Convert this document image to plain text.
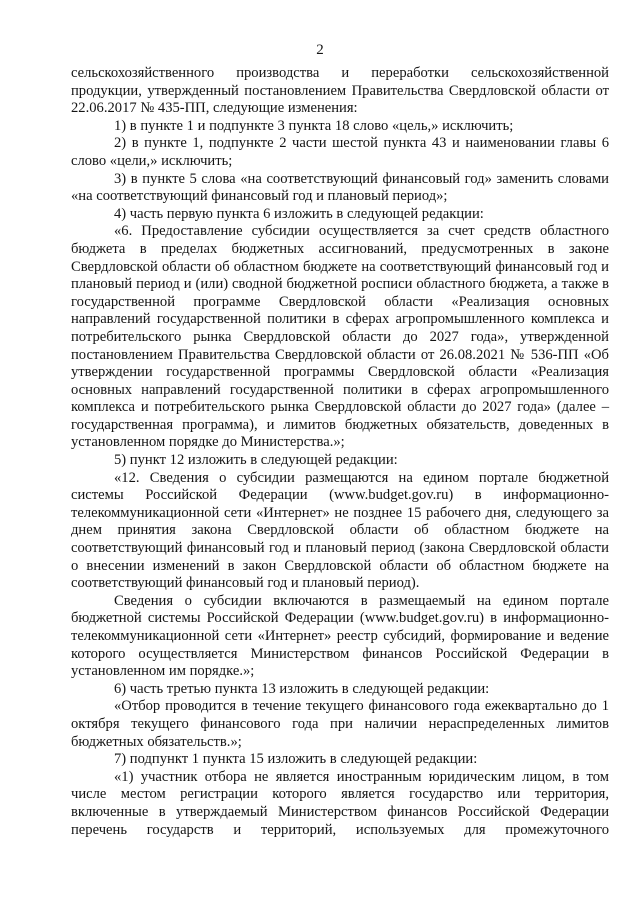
2

сельскохозяйственного производства и переработки сельскохозяйственной продукции, утвержденный постановлением Правительства Свердловской области от 22.06.2017 № 435-ПП, следующие изменения:

1) в пункте 1 и подпункте 3 пункта 18 слово «цель,» исключить;

2) в пункте 1, подпункте 2 части шестой пункта 43 и наименовании главы 6 слово «цели,» исключить;

3) в пункте 5 слова «на соответствующий финансовый год» заменить словами «на соответствующий финансовый год и плановый период»;

4) часть первую пункта 6 изложить в следующей редакции:

«6. Предоставление субсидии осуществляется за счет средств областного бюджета в пределах бюджетных ассигнований, предусмотренных в законе Свердловской области об областном бюджете на соответствующий финансовый год и плановый период и (или) сводной бюджетной росписи областного бюджета, а также в государственной программе Свердловской области «Реализация основных направлений государственной политики в сферах агропромышленного комплекса и потребительского рынка Свердловской области до 2027 года», утвержденной постановлением Правительства Свердловской области от 26.08.2021 № 536-ПП «Об утверждении государственной программы Свердловской области «Реализация основных направлений государственной политики в сферах агропромышленного комплекса и потребительского рынка Свердловской области до 2027 года» (далее – государственная программа), и лимитов бюджетных обязательств, доведенных в установленном порядке до Министерства.»;

5) пункт 12 изложить в следующей редакции:

«12. Сведения о субсидии размещаются на едином портале бюджетной системы Российской Федерации (www.budget.gov.ru) в информационно-телекоммуникационной сети «Интернет» не позднее 15 рабочего дня, следующего за днем принятия закона Свердловской области об областном бюджете на соответствующий финансовый год и плановый период (закона Свердловской области о внесении изменений в закон Свердловской области об областном бюджете на соответствующий финансовый год и плановый период).

Сведения о субсидии включаются в размещаемый на едином портале бюджетной системы Российской Федерации (www.budget.gov.ru) в информационно-телекоммуникационной сети «Интернет» реестр субсидий, формирование и ведение которого осуществляется Министерством финансов Российской Федерации в установленном им порядке.»;

6) часть третью пункта 13 изложить в следующей редакции:

«Отбор проводится в течение текущего финансового года ежеквартально до 1 октября текущего финансового года при наличии нераспределенных лимитов бюджетных обязательств.»;

7) подпункт 1 пункта 15 изложить в следующей редакции:

«1) участник отбора не является иностранным юридическим лицом, в том числе местом регистрации которого является государство или территория, включенные в утверждаемый Министерством финансов Российской Федерации перечень государств и территорий, используемых для промежуточного
